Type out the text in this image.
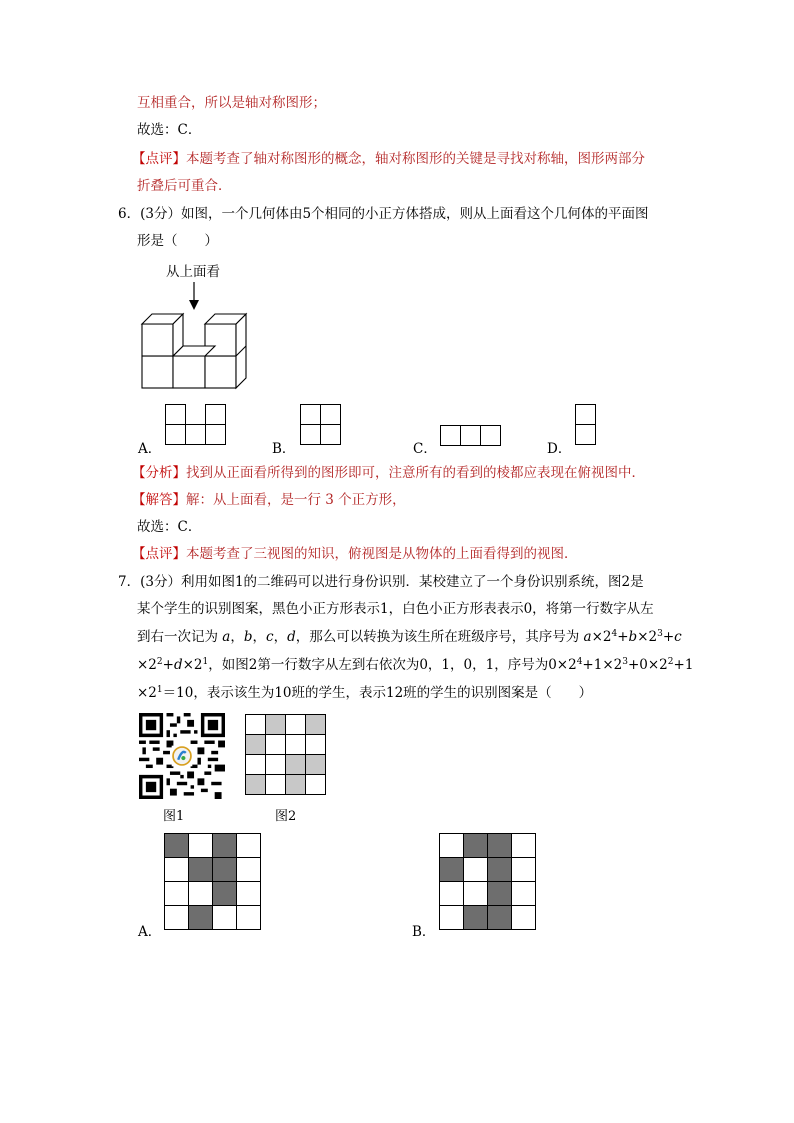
互相重合，所以是轴对称图形；
故选：C．
【点评】本题考查了轴对称图形的概念，轴对称图形的关键是寻找对称轴，图形两部分
折叠后可重合．
6．(3分）如图，一个几何体由5个相同的小正方体搭成，则从上面看这个几何体的平面图
形是（　　）
从上面看
A．	B．	C．	D．
【分析】找到从正面看所得到的图形即可，注意所有的看到的棱都应表现在俯视图中．
【解答】解：从上面看，是一行 3 个正方形，
故选：C．
【点评】本题考查了三视图的知识，俯视图是从物体的上面看得到的视图．
7．(3分）利用如图1的二维码可以进行身份识别．某校建立了一个身份识别系统，图2是
某个学生的识别图案，黑色小正方形表示1，白色小正方形表表示0，将第一行数字从左
到右一次记为 a，b，c，d，那么可以转换为该生所在班级序号，其序号为 $a\times 2^4+b\times 2^3+c$
$\times 2^2+d\times 2^1$，如图2第一行数字从左到右依次为0，1，0，1，序号为$0\times 2^4+1\times 2^3+0\times 2^2+1$
$\times 2^1=10$，表示该生为10班的学生，表示12班的学生的识别图案是（　　）
图1	图2
A．	B．
